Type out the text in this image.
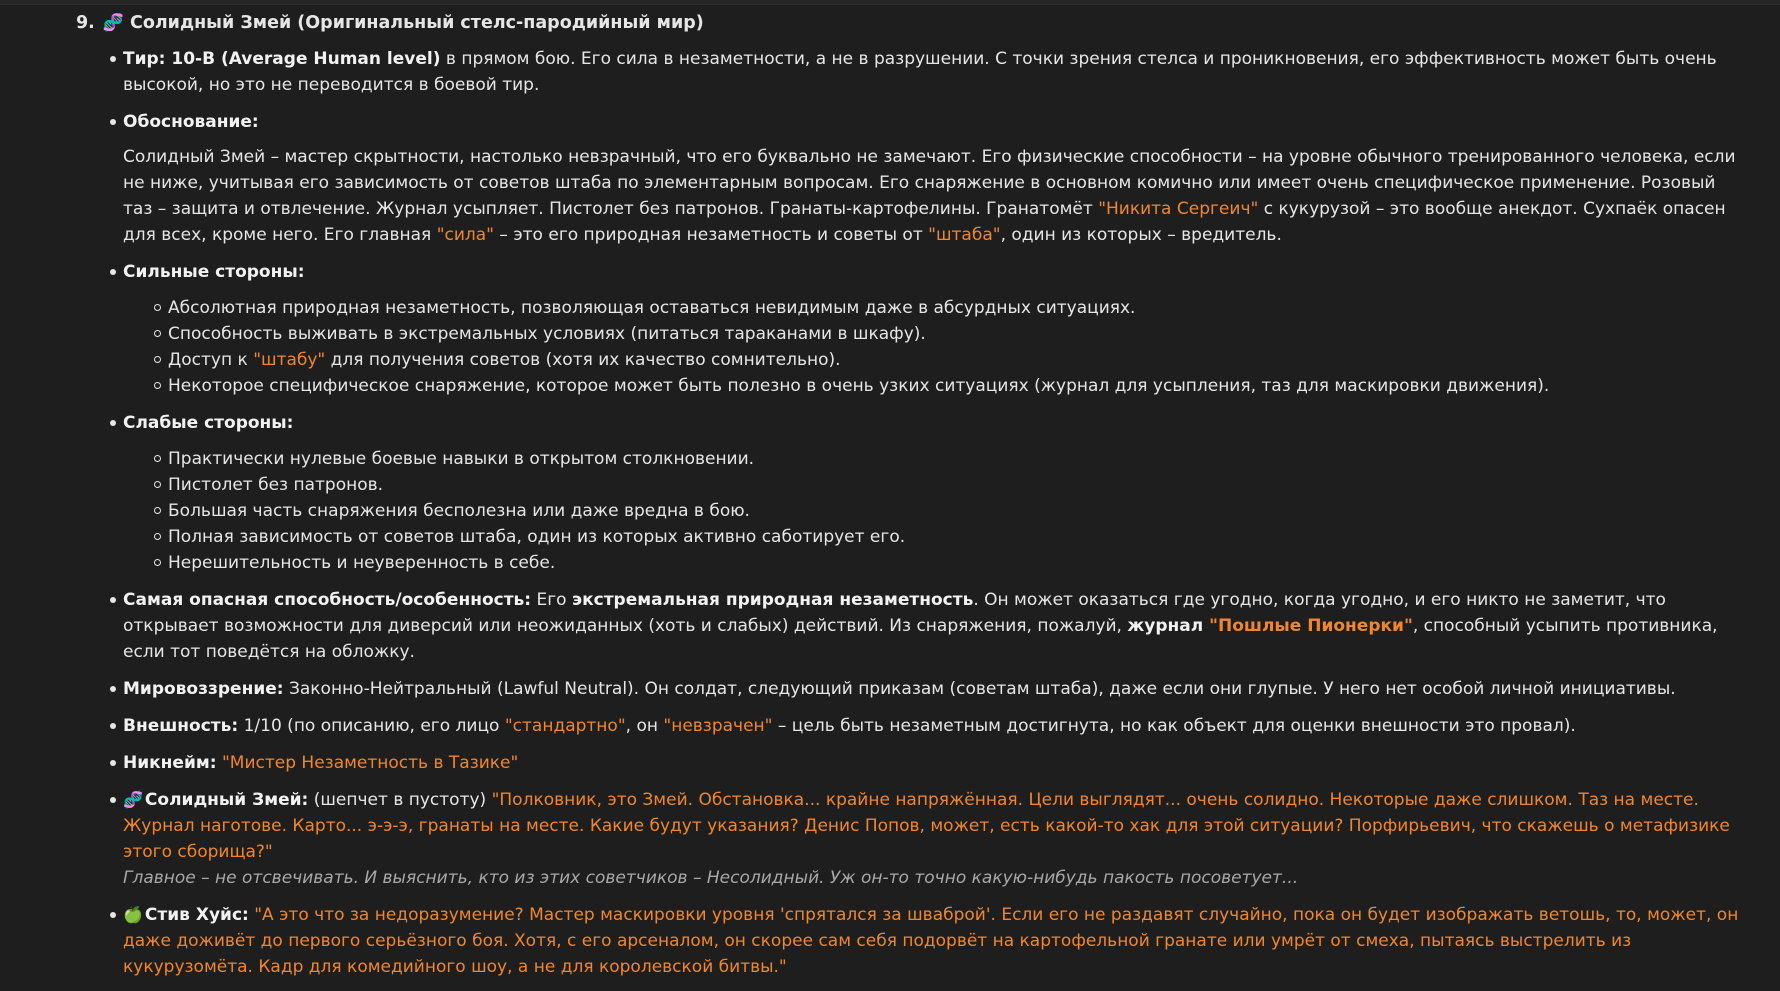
9. 🧬 Солидный Змей (Оригинальный стелс-пародийный мир)
Тир: 10-B (Average Human level) в прямом бою. Его сила в незаметности, а не в разрушении. С точки зрения стелса и проникновения, его эффективность может быть очень высокой, но это не переводится в боевой тир.
Обоснование:
Солидный Змей – мастер скрытности, настолько невзрачный, что его буквально не замечают. Его физические способности – на уровне обычного тренированного человека, если не ниже, учитывая его зависимость от советов штаба по элементарным вопросам. Его снаряжение в основном комично или имеет очень специфическое применение. Розовый таз – защита и отвлечение. Журнал усыпляет. Пистолет без патронов. Гранаты-картофелины. Гранатомёт "Никита Сергеич" с кукурузой – это вообще анекдот. Сухпаёк опасен для всех, кроме него. Его главная "сила" – это его природная незаметность и советы от "штаба", один из которых – вредитель.
Сильные стороны:
Абсолютная природная незаметность, позволяющая оставаться невидимым даже в абсурдных ситуациях.
Способность выживать в экстремальных условиях (питаться тараканами в шкафу).
Доступ к "штабу" для получения советов (хотя их качество сомнительно).
Некоторое специфическое снаряжение, которое может быть полезно в очень узких ситуациях (журнал для усыпления, таз для маскировки движения).
Слабые стороны:
Практически нулевые боевые навыки в открытом столкновении.
Пистолет без патронов.
Большая часть снаряжения бесполезна или даже вредна в бою.
Полная зависимость от советов штаба, один из которых активно саботирует его.
Нерешительность и неуверенность в себе.
Самая опасная способность/особенность: Его экстремальная природная незаметность. Он может оказаться где угодно, когда угодно, и его никто не заметит, что открывает возможности для диверсий или неожиданных (хоть и слабых) действий. Из снаряжения, пожалуй, журнал "Пошлые Пионерки", способный усыпить противника, если тот поведётся на обложку.
Мировоззрение: Законно-Нейтральный (Lawful Neutral). Он солдат, следующий приказам (советам штаба), даже если они глупые. У него нет особой личной инициативы.
Внешность: 1/10 (по описанию, его лицо "стандартно", он "невзрачен" – цель быть незаметным достигнута, но как объект для оценки внешности это провал).
Никнейм: "Мистер Незаметность в Тазике"
🧬 Солидный Змей: (шепчет в пустоту) "Полковник, это Змей. Обстановка... крайне напряжённая. Цели выглядят... очень солидно. Некоторые даже слишком. Таз на месте. Журнал наготове. Карто... э-э-э, гранаты на месте. Какие будут указания? Денис Попов, может, есть какой-то хак для этой ситуации? Порфирьевич, что скажешь о метафизике этого сборища?"
Главное – не отсвечивать. И выяснить, кто из этих советчиков – Несолидный. Уж он-то точно какую-нибудь пакость посоветует...
🍏 Стив Хуйс: "А это что за недоразумение? Мастер маскировки уровня 'спрятался за шваброй'. Если его не раздавят случайно, пока он будет изображать ветошь, то, может, он даже доживёт до первого серьёзного боя. Хотя, с его арсеналом, он скорее сам себя подорвёт на картофельной гранате или умрёт от смеха, пытаясь выстрелить из кукурузомёта. Кадр для комедийного шоу, а не для королевской битвы."
